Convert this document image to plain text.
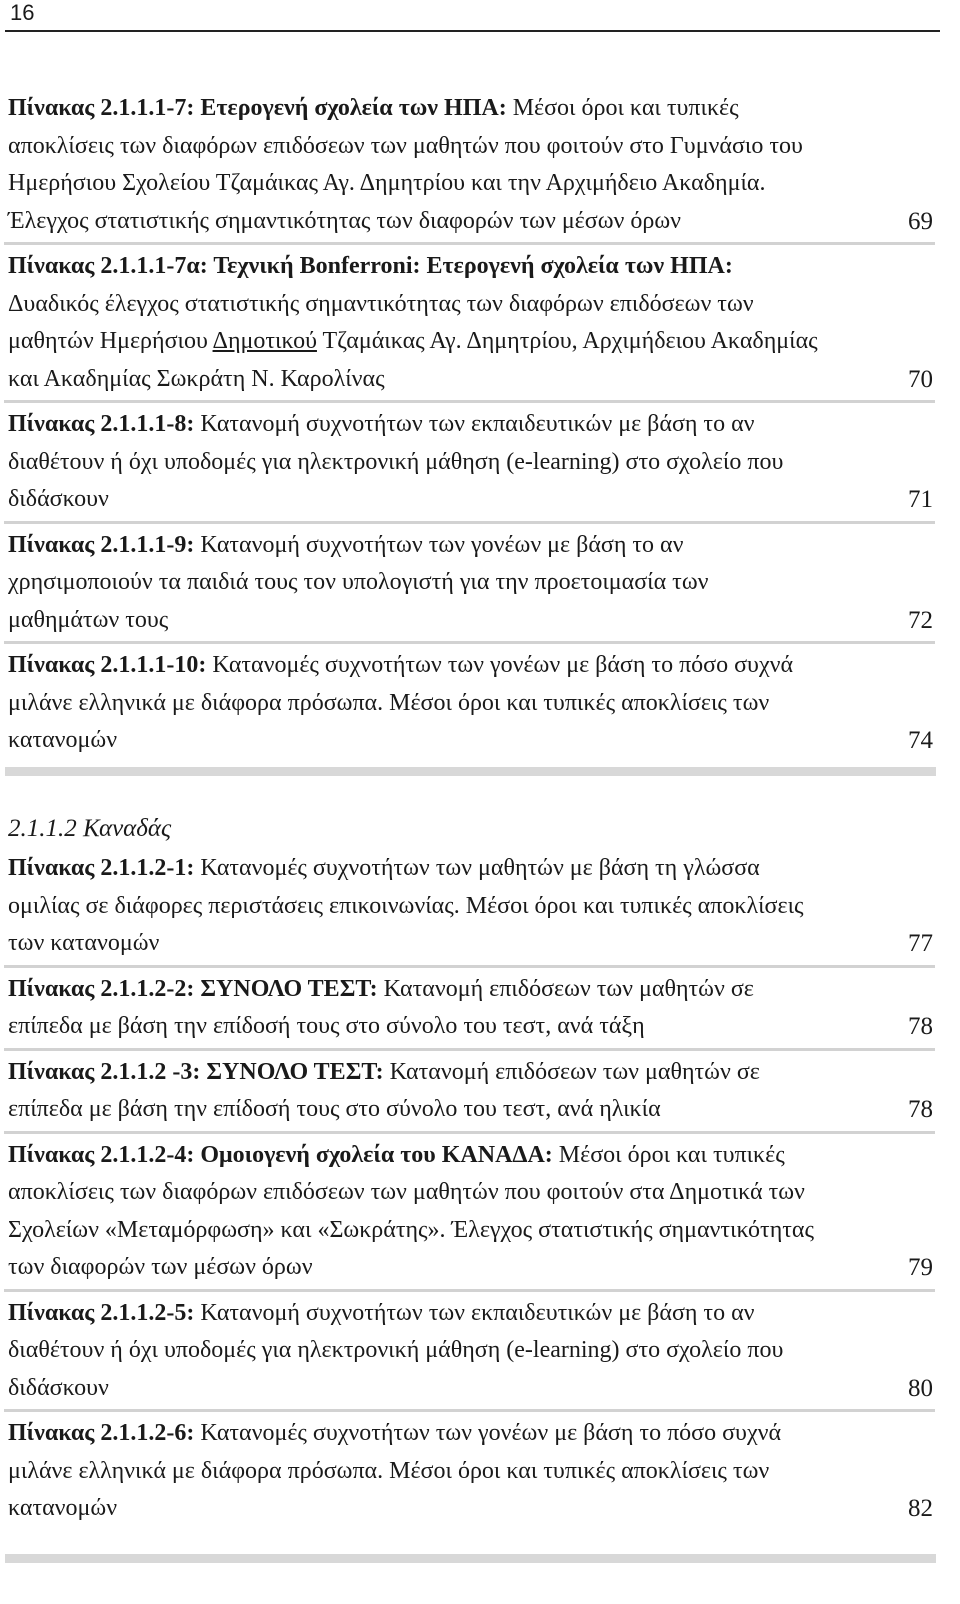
16
Πίνακας 2.1.1.1-7: Ετερογενή σχολεία των ΗΠΑ: Μέσοι όροι και τυπικές αποκλίσεις των διαφόρων επιδόσεων των μαθητών που φοιτούν στο Γυμνάσιο του Ημερήσιου Σχολείου Τζαμάικας Αγ. Δημητρίου και την Αρχιμήδειο Ακαδημία. Έλεγχος στατιστικής σημαντικότητας των διαφορών των μέσων όρων	69
Πίνακας 2.1.1.1-7α: Τεχνική Bonferroni: Ετερογενή σχολεία των ΗΠΑ: Δυαδικός έλεγχος στατιστικής σημαντικότητας των διαφόρων επιδόσεων των μαθητών Ημερήσιου Δημοτικού Τζαμάικας Αγ. Δημητρίου, Αρχιμήδειου Ακαδημίας και Ακαδημίας Σωκράτη Ν. Καρολίνας	70
Πίνακας 2.1.1.1-8: Κατανομή συχνοτήτων των εκπαιδευτικών με βάση το αν διαθέτουν ή όχι υποδομές για ηλεκτρονική μάθηση (e-learning) στο σχολείο που διδάσκουν	71
Πίνακας 2.1.1.1-9: Κατανομή συχνοτήτων των γονέων με βάση το αν χρησιμοποιούν τα παιδιά τους τον υπολογιστή για την προετοιμασία των μαθημάτων τους	72
Πίνακας 2.1.1.1-10: Κατανομές συχνοτήτων των γονέων με βάση το πόσο συχνά μιλάνε ελληνικά με διάφορα πρόσωπα. Μέσοι όροι και τυπικές αποκλίσεις των κατανομών	74
2.1.1.2 Καναδάς
Πίνακας 2.1.1.2-1: Κατανομές συχνοτήτων των μαθητών με βάση τη γλώσσα ομιλίας σε διάφορες περιστάσεις επικοινωνίας. Μέσοι όροι και τυπικές αποκλίσεις των κατανομών	77
Πίνακας 2.1.1.2-2: ΣΥΝΟΛΟ ΤΕΣΤ: Κατανομή επιδόσεων των μαθητών σε επίπεδα με βάση την επίδοσή τους στο σύνολο του τεστ, ανά τάξη	78
Πίνακας 2.1.1.2 -3: ΣΥΝΟΛΟ ΤΕΣΤ: Κατανομή επιδόσεων των μαθητών σε επίπεδα με βάση την επίδοσή τους στο σύνολο του τεστ, ανά ηλικία	78
Πίνακας 2.1.1.2-4: Ομοιογενή σχολεία του ΚΑΝΑΔΑ: Μέσοι όροι και τυπικές αποκλίσεις των διαφόρων επιδόσεων των μαθητών που φοιτούν στα Δημοτικά των Σχολείων «Μεταμόρφωση» και «Σωκράτης». Έλεγχος στατιστικής σημαντικότητας των διαφορών των μέσων όρων	79
Πίνακας 2.1.1.2-5: Κατανομή συχνοτήτων των εκπαιδευτικών με βάση το αν διαθέτουν ή όχι υποδομές για ηλεκτρονική μάθηση (e-learning) στο σχολείο που διδάσκουν	80
Πίνακας 2.1.1.2-6: Κατανομές συχνοτήτων των γονέων με βάση το πόσο συχνά μιλάνε ελληνικά με διάφορα πρόσωπα. Μέσοι όροι και τυπικές αποκλίσεις των κατανομών	82
